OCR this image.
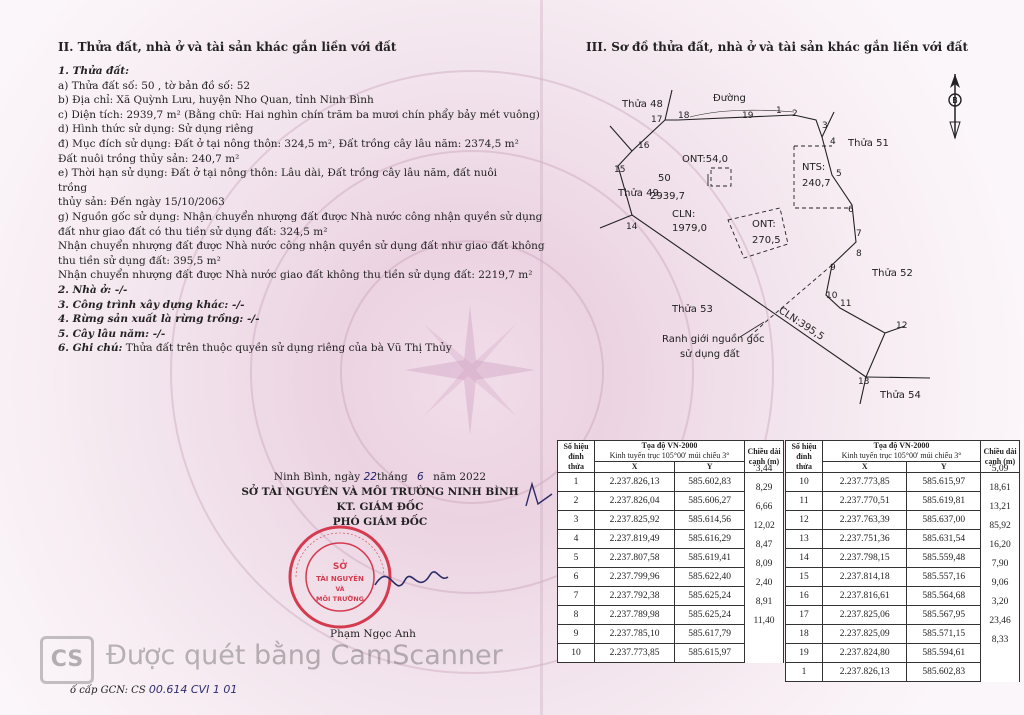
II. Thửa đất, nhà ở và tài sản khác gắn liền với đất
1. Thửa đất:
a) Thửa đất số: 50 , tờ bản đồ số: 52
b) Địa chỉ: Xã Quỳnh Lưu, huyện Nho Quan, tỉnh Ninh Bình
c) Diện tích: 2939,7 m² (Bằng chữ: Hai nghìn chín trăm ba mươi chín phẩy bảy mét vuông)
d) Hình thức sử dụng: Sử dụng riêng
đ) Mục đích sử dụng: Đất ở tại nông thôn: 324,5 m², Đất trồng cây lâu năm: 2374,5 m²
Đất nuôi trồng thủy sản: 240,7 m²
e) Thời hạn sử dụng: Đất ở tại nông thôn: Lâu dài, Đất trồng cây lâu năm, đất nuôi trồng
thủy sản: Đến ngày 15/10/2063
g) Nguồn gốc sử dụng: Nhận chuyển nhượng đất được Nhà nước công nhận quyền sử dụng
đất như giao đất có thu tiền sử dụng đất: 324,5 m²
Nhận chuyển nhượng đất được Nhà nước công nhận quyền sử dụng đất như giao đất không
thu tiền sử dụng đất: 395,5 m²
Nhận chuyển nhượng đất được Nhà nước giao đất không thu tiền sử dụng đất: 2219,7 m²
2. Nhà ở: -/-
3. Công trình xây dựng khác: -/-
4. Rừng sản xuất là rừng trồng: -/-
5. Cây lâu năm: -/-
6. Ghi chú: Thửa đất trên thuộc quyền sử dụng riêng của bà Vũ Thị Thủy
Ninh Bình, ngày 22tháng 6 năm 2022
SỞ TÀI NGUYÊN VÀ MÔI TRƯỜNG NINH BÌNH
KT. GIÁM ĐỐC
PHÓ GIÁM ĐỐC
SỞ
TÀI NGUYÊN
VÀ
MÔI TRƯỜNG
Phạm Ngọc Anh
CS Được quét bằng CamScanner
ố cấp GCN: CS 00.614 CVI 1 01
III. Sơ đồ thửa đất, nhà ở và tài sản khác gắn liền với đất
B
Đường
Thửa 48
Thửa 51
Thửa 52
Thửa 53
Thửa 54
50
2939,7
ONT:54,0
ONT:
270,5
NTS:
240,7
CLN:
1979,0
CLN:395,5
Ranh giới nguồn gốc
sử dụng đất
1 2
3
4
5
6
7
8
9
10
11
12
13
14
15
16
17 18	19
Thửa 49
Số hiệu đỉnh thửa	Tọa độ VN-2000
Kinh tuyến trục 105°00' múi chiếu 3°		Chiều dài cạnh (m)
	X	Y	
1	2.237.826,13	585.602,83	3,44
2	2.237.826,04	585.606,27	8,29
3	2.237.825,92	585.614,56	6,66
4	2.237.819,49	585.616,29	12,02
5	2.237.807,58	585.619,41	8,47
6	2.237.799,96	585.622,40	8,09
7	2.237.792,38	585.625,24	2,40
8	2.237.789,98	585.625,24	8,91
9	2.237.785,10	585.617,79	11,40
10	2.237.773,85	585.615,97	
Số hiệu đỉnh thửa	Tọa độ VN-2000
Kinh tuyến trục 105°00' múi chiếu 3°		Chiều dài cạnh (m)
	X	Y	
10	2.237.773,85	585.615,97	5,09
11	2.237.770,51	585.619,81	18,61
12	2.237.763,39	585.637,00	13,21
13	2.237.751,36	585.631,54	85,92
14	2.237.798,15	585.559,48	16,20
15	2.237.814,18	585.557,16	7,90
16	2.237.816,61	585.564,68	9,06
17	2.237.825,06	585.567,95	3,20
18	2.237.825,09	585.571,15	23,46
19	2.237.824,80	585.594,61	8,33
1	2.237.826,13	585.602,83	
